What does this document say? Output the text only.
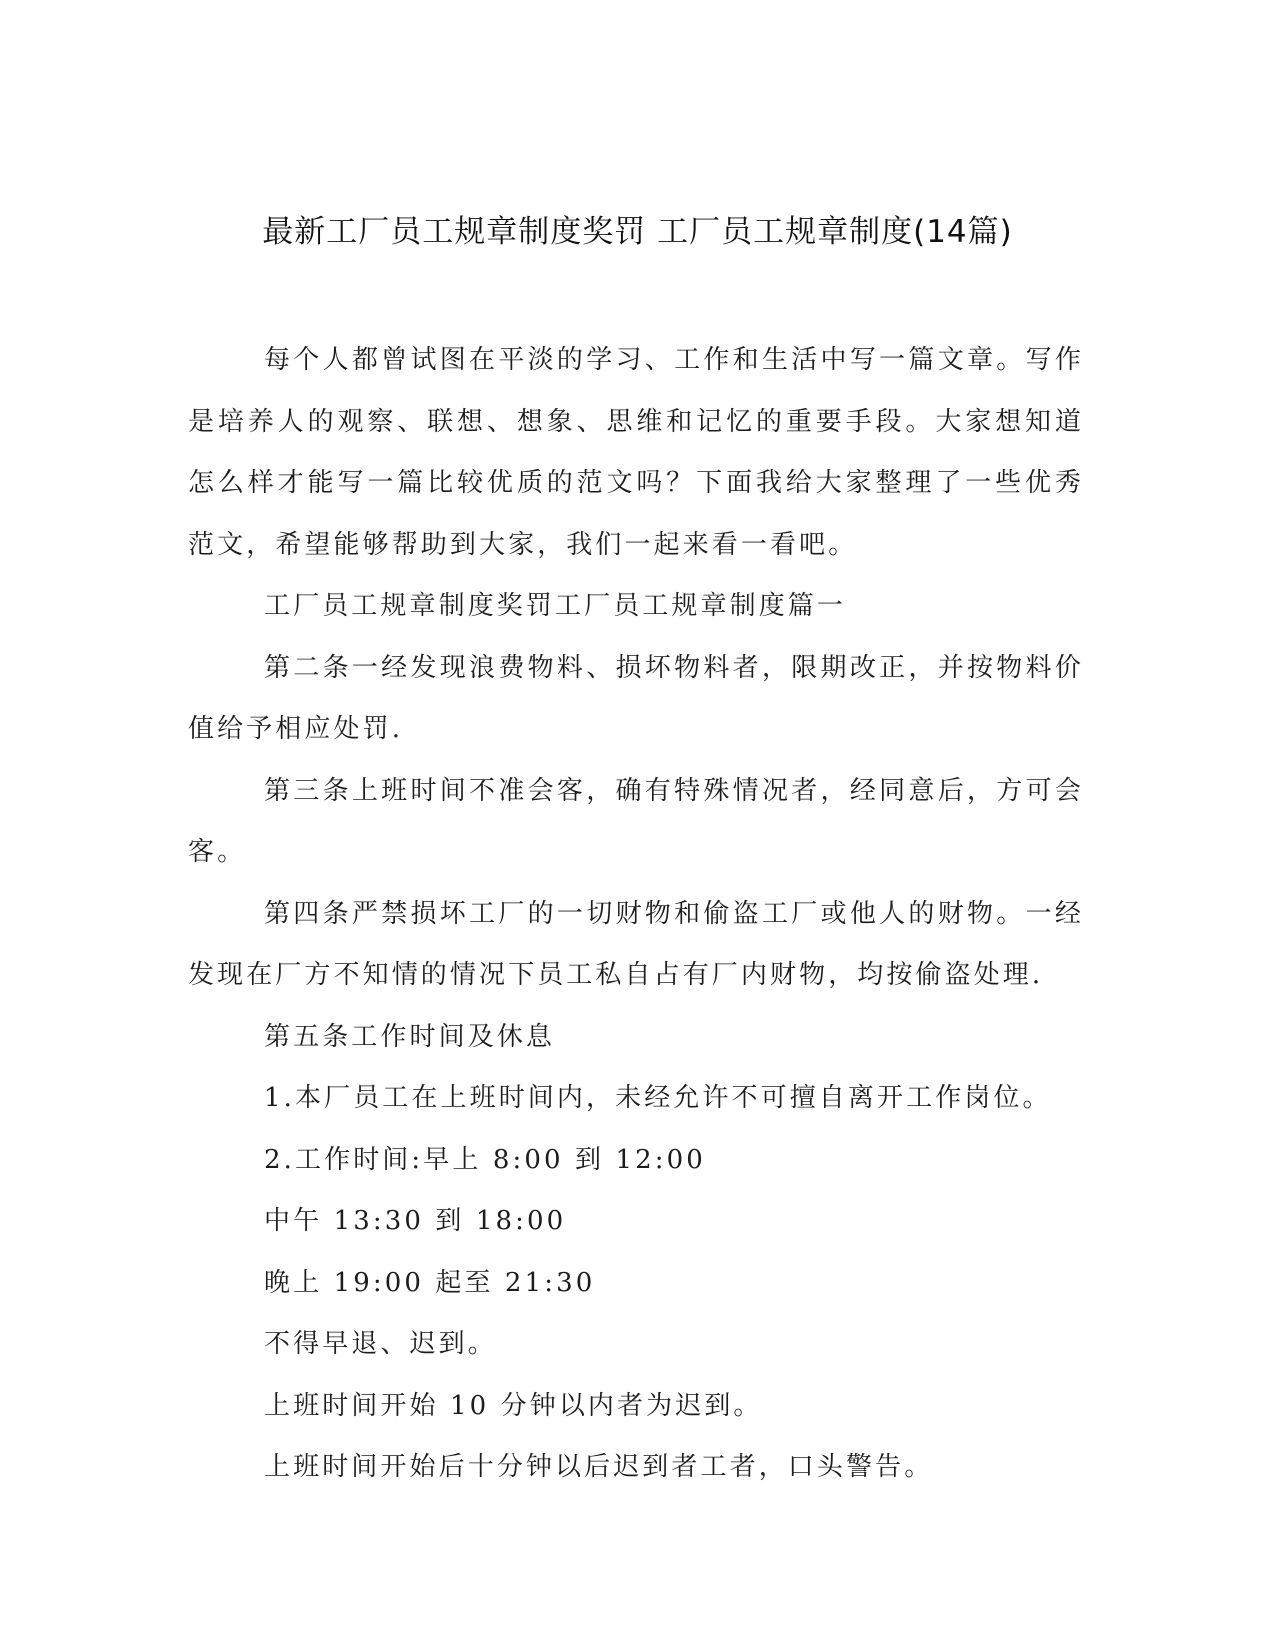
最新工厂员工规章制度奖罚 工厂员工规章制度(14篇)

每个人都曾试图在平淡的学习、工作和生活中写一篇文章。写作是培养人的观察、联想、想象、思维和记忆的重要手段。大家想知道怎么样才能写一篇比较优质的范文吗？下面我给大家整理了一些优秀范文，希望能够帮助到大家，我们一起来看一看吧。

工厂员工规章制度奖罚工厂员工规章制度篇一

第二条一经发现浪费物料、损坏物料者，限期改正，并按物料价值给予相应处罚.

第三条上班时间不准会客，确有特殊情况者，经同意后，方可会客。

第四条严禁损坏工厂的一切财物和偷盗工厂或他人的财物。一经发现在厂方不知情的情况下员工私自占有厂内财物，均按偷盗处理.

第五条工作时间及休息

1.本厂员工在上班时间内，未经允许不可擅自离开工作岗位。

2.工作时间:早上 8:00 到 12:00

中午 13:30 到 18:00

晚上 19:00 起至 21:30

不得早退、迟到。

上班时间开始 10 分钟以内者为迟到。

上班时间开始后十分钟以后迟到者工者，口头警告。
